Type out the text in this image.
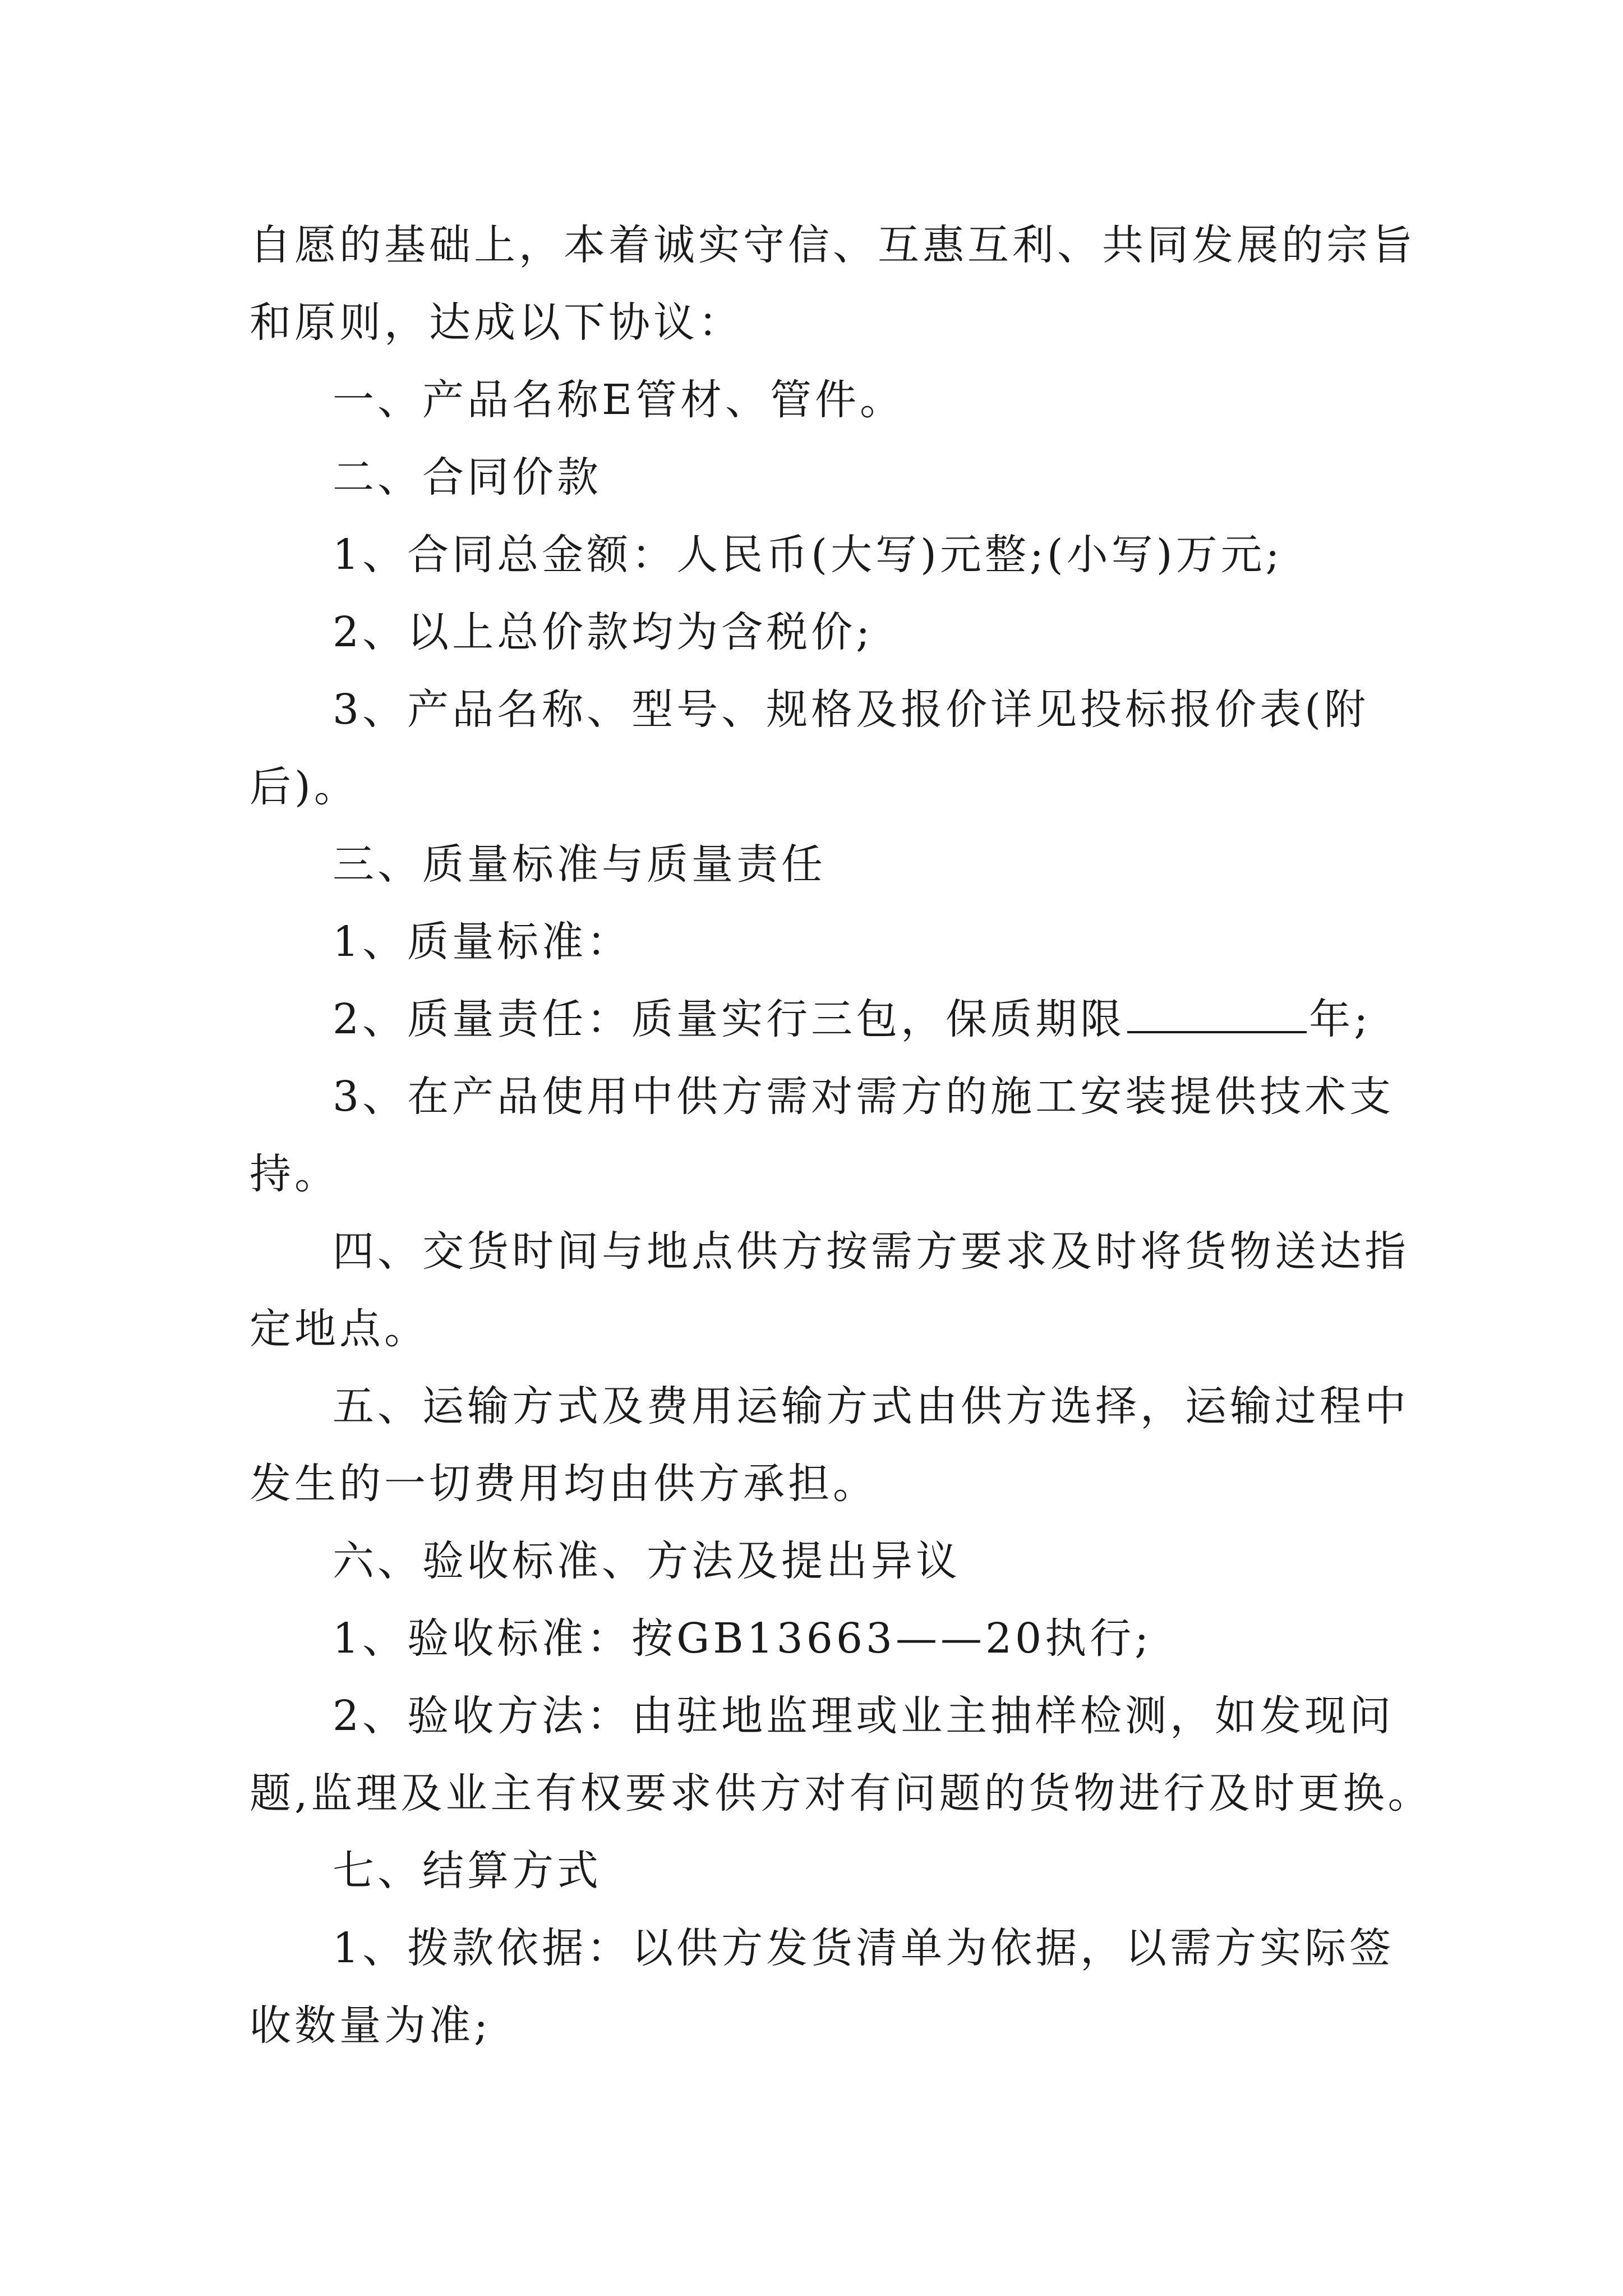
自愿的基础上，本着诚实守信、互惠互利、共同发展的宗旨
和原则，达成以下协议：
一、产品名称E管材、管件。
二、合同价款
1、合同总金额：人民币(大写)元整;(小写)万元;
2、以上总价款均为含税价;
3、产品名称、型号、规格及报价详见投标报价表(附
后)。
三、质量标准与质量责任
1、质量标准：
2、质量责任：质量实行三包，保质期限	年;
3、在产品使用中供方需对需方的施工安装提供技术支
持。
四、交货时间与地点供方按需方要求及时将货物送达指
定地点。
五、运输方式及费用运输方式由供方选择，运输过程中
发生的一切费用均由供方承担。
六、验收标准、方法及提出异议
1、验收标准：按GB13663——20执行;
2、验收方法：由驻地监理或业主抽样检测，如发现问
题,监理及业主有权要求供方对有问题的货物进行及时更换。
七、结算方式
1、拨款依据：以供方发货清单为依据，以需方实际签
收数量为准;
